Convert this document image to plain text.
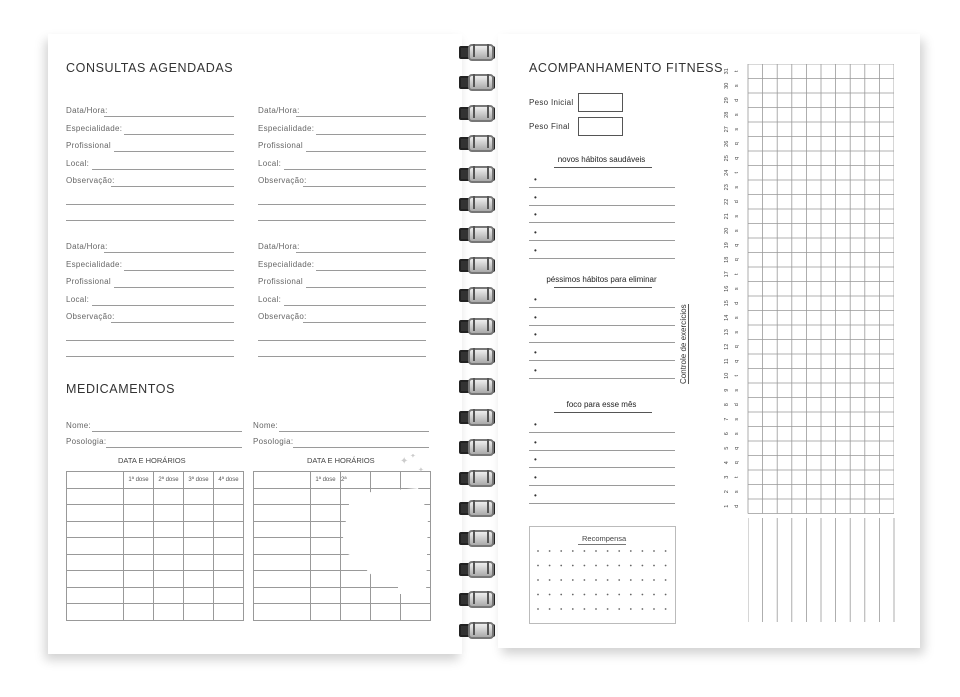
CONSULTAS AGENDADAS
Data/Hora:
Especialidade:
Profissional
Local:
Observação:
Data/Hora:
Especialidade:
Profissional
Local:
Observação:
Data/Hora:
Especialidade:
Profissional
Local:
Observação:
Data/Hora:
Especialidade:
Profissional
Local:
Observação:
MEDICAMENTOS
Nome:
Posologia:
DATA E HORÁRIOS
	1ª dose	2ª dose	3ª dose	4ª dose

Nome:
Posologia:
DATA E HORÁRIOS
	1ª dose	2ª		

✦ ✦
✦
ACOMPANHAMENTO FITNESS
Peso Inicial
Peso Final
novos hábitos saudáveis
•
•
•
•
•
péssimos hábitos para eliminar
•
•
•
•
•
foco para esse mês
•
•
•
•
•
Recompensa
Controle de exercícios
1 d
2 s
3 t
4 q
5 q
6 s
7 s
8 d
9 s
10 t
11 q
12 q
13 s
14 s
15 d
16 s
17 t
18 q
19 q
20 s
21 s
22 d
23 s
24 t
25 q
26 q
27 s
28 s
29 d
30 s
31 t
